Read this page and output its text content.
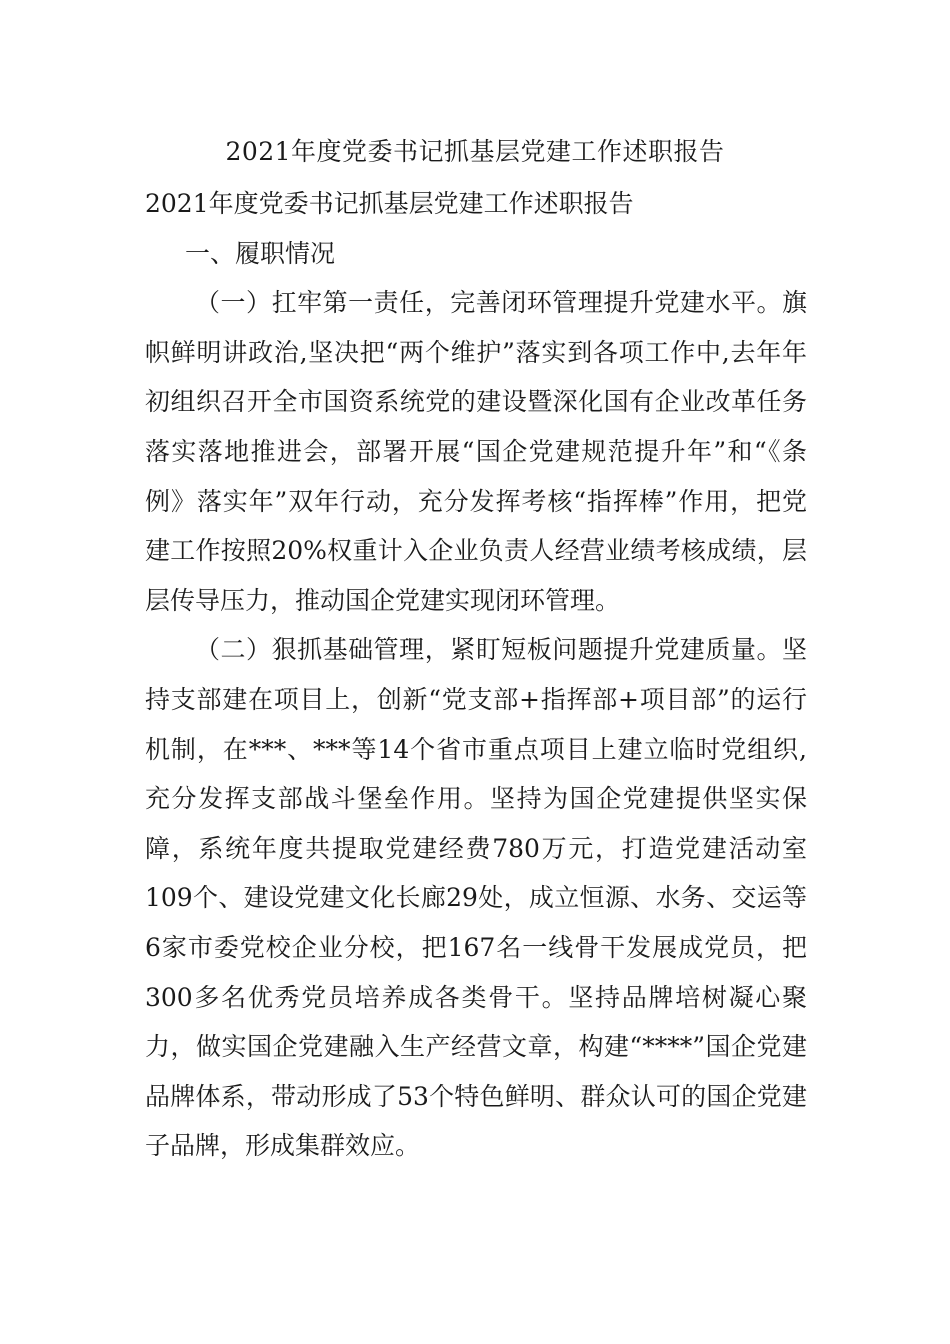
2021年度党委书记抓基层党建工作述职报告

2021年度党委书记抓基层党建工作述职报告

一、履职情况

（一）扛牢第一责任，完善闭环管理提升党建水平。旗帜鲜明讲政治,坚决把“两个维护”落实到各项工作中,去年年初组织召开全市国资系统党的建设暨深化国有企业改革任务落实落地推进会，部署开展“国企党建规范提升年”和“《条例》落实年”双年行动，充分发挥考核“指挥棒”作用，把党建工作按照20%权重计入企业负责人经营业绩考核成绩，层层传导压力，推动国企党建实现闭环管理。

（二）狠抓基础管理，紧盯短板问题提升党建质量。坚持支部建在项目上，创新“党支部+指挥部+项目部”的运行机制，在***、***等14个省市重点项目上建立临时党组织,充分发挥支部战斗堡垒作用。坚持为国企党建提供坚实保障，系统年度共提取党建经费780万元，打造党建活动室109个、建设党建文化长廊29处，成立恒源、水务、交运等6家市委党校企业分校，把167名一线骨干发展成党员，把300多名优秀党员培养成各类骨干。坚持品牌培树凝心聚力，做实国企党建融入生产经营文章，构建“****”国企党建品牌体系，带动形成了53个特色鲜明、群众认可的国企党建子品牌，形成集群效应。
